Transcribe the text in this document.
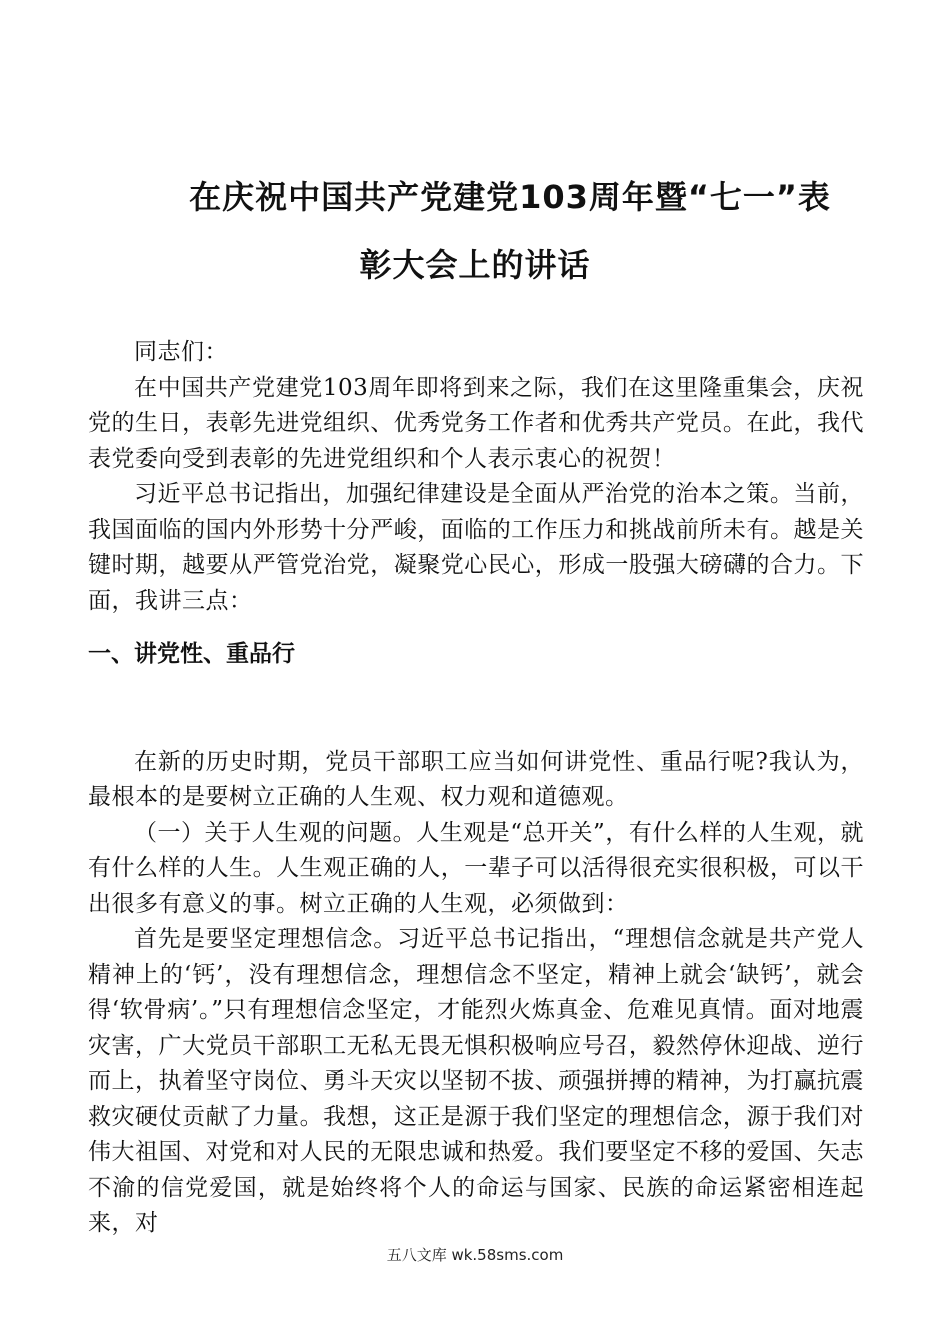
在庆祝中国共产党建党103周年暨“七一”表
彰大会上的讲话

同志们：

在中国共产党建党103周年即将到来之际，我们在这里隆重集会，庆祝党的生日，表彰先进党组织、优秀党务工作者和优秀共产党员。在此，我代表党委向受到表彰的先进党组织和个人表示衷心的祝贺！

习近平总书记指出，加强纪律建设是全面从严治党的治本之策。当前，我国面临的国内外形势十分严峻，面临的工作压力和挑战前所未有。越是关键时期，越要从严管党治党，凝聚党心民心，形成一股强大磅礴的合力。下面，我讲三点：

一、讲党性、重品行

在新的历史时期，党员干部职工应当如何讲党性、重品行呢?我认为，最根本的是要树立正确的人生观、权力观和道德观。

（一）关于人生观的问题。人生观是“总开关”，有什么样的人生观，就有什么样的人生。人生观正确的人，一辈子可以活得很充实很积极，可以干出很多有意义的事。树立正确的人生观，必须做到：

首先是要坚定理想信念。习近平总书记指出，“理想信念就是共产党人精神上的‘钙’，没有理想信念，理想信念不坚定，精神上就会‘缺钙’，就会得‘软骨病’。”只有理想信念坚定，才能烈火炼真金、危难见真情。面对地震灾害，广大党员干部职工无私无畏无惧积极响应号召，毅然停休迎战、逆行而上，执着坚守岗位、勇斗天灾以坚韧不拔、顽强拼搏的精神，为打赢抗震救灾硬仗贡献了力量。我想，这正是源于我们坚定的理想信念，源于我们对伟大祖国、对党和对人民的无限忠诚和热爱。我们要坚定不移的爱国、矢志不渝的信党爱国，就是始终将个人的命运与国家、民族的命运紧密相连起来，对

五八文库 wk.58sms.com
